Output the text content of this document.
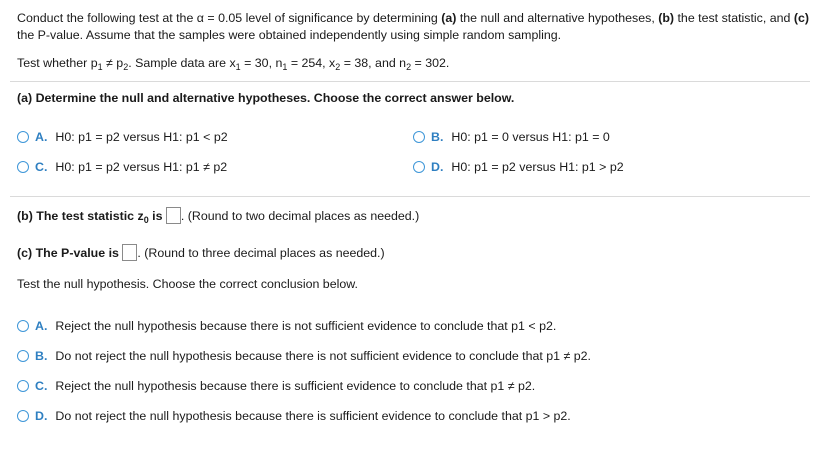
Conduct the following test at the α = 0.05 level of significance by determining (a) the null and alternative hypotheses, (b) the test statistic, and (c) the P-value. Assume that the samples were obtained independently using simple random sampling.
Test whether $p_1 \ne p_2$. Sample data are $x_1 = 30$, $n_1 = 254$, $x_2 = 38$, and $n_2 = 302$.
(a) Determine the null and alternative hypotheses. Choose the correct answer below.
A. H0: p1 = p2 versus H1: p1 < p2	B. H0: p1 = 0 versus H1: p1 = 0
C. H0: p1 = p2 versus H1: p1 ≠ p2	D. H0: p1 = p2 versus H1: p1 > p2
(b) The test statistic $z_0$ is . (Round to two decimal places as needed.)
(c) The P-value is . (Round to three decimal places as needed.)
Test the null hypothesis. Choose the correct conclusion below.
A. Reject the null hypothesis because there is not sufficient evidence to conclude that p1 < p2.
B. Do not reject the null hypothesis because there is not sufficient evidence to conclude that p1 ≠ p2.
C. Reject the null hypothesis because there is sufficient evidence to conclude that p1 ≠ p2.
D. Do not reject the null hypothesis because there is sufficient evidence to conclude that p1 > p2.
